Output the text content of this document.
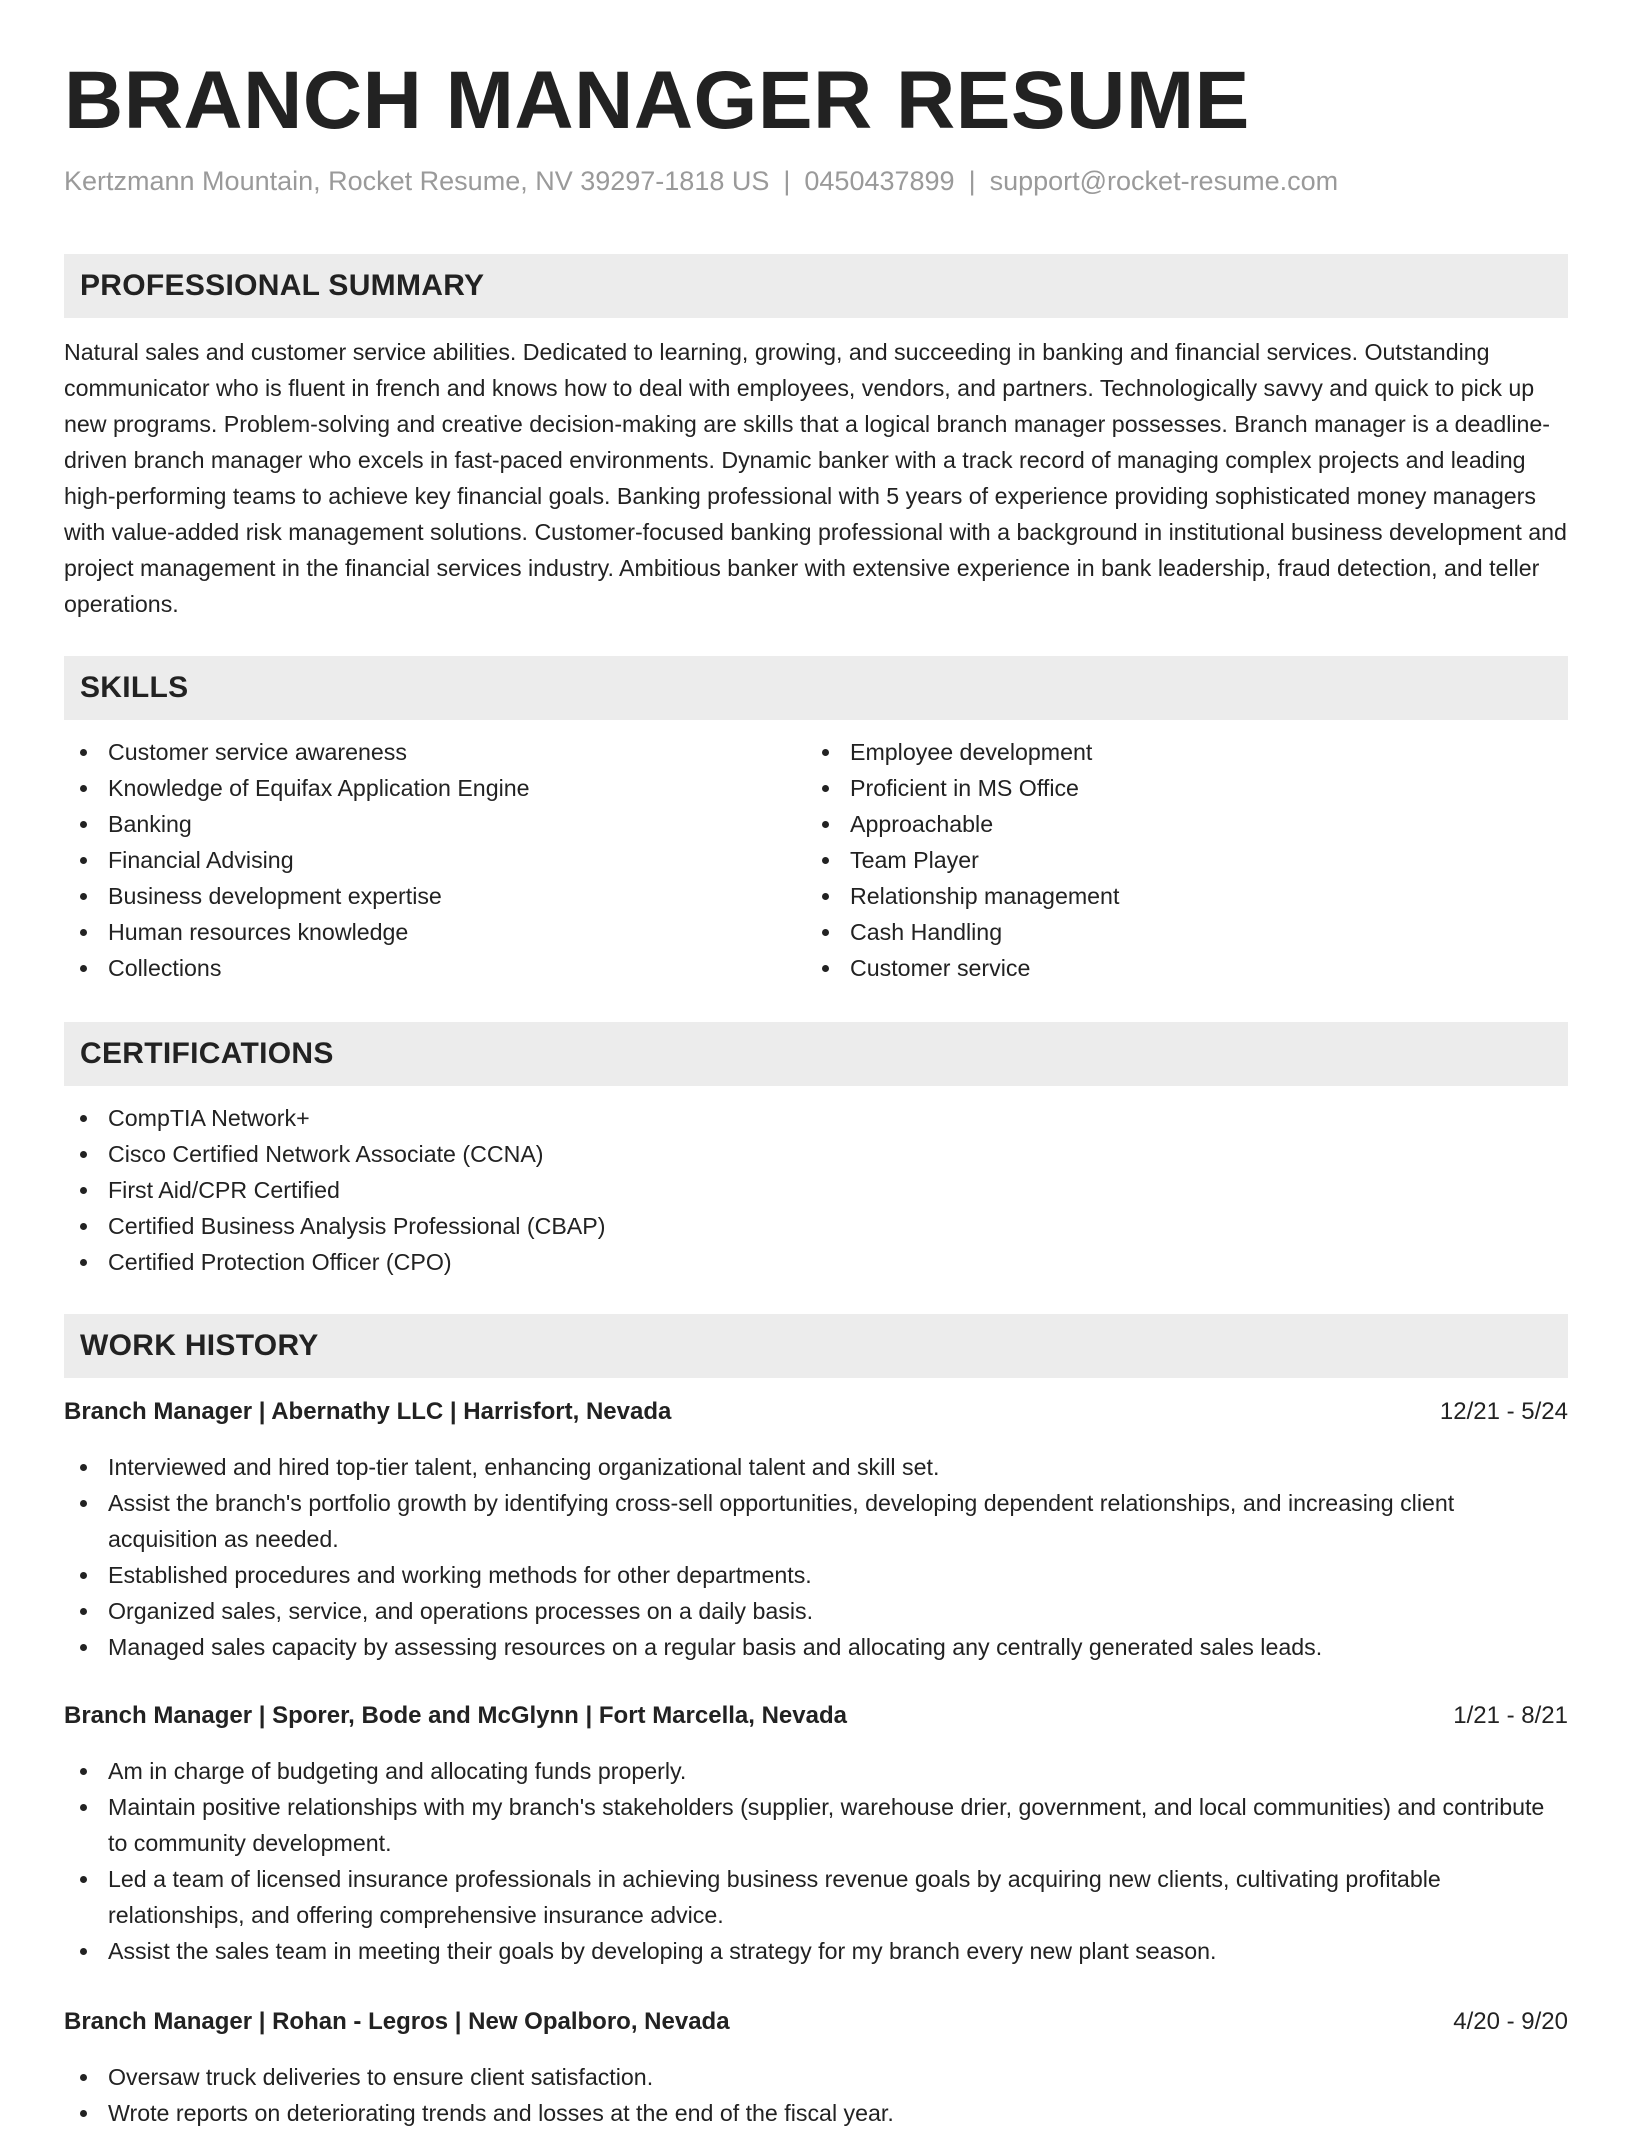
BRANCH MANAGER RESUME
Kertzmann Mountain, Rocket Resume, NV 39297-1818 US | 0450437899 | support@rocket-resume.com
PROFESSIONAL SUMMARY

Natural sales and customer service abilities. Dedicated to learning, growing, and succeeding in banking and financial services. Outstanding communicator who is fluent in french and knows how to deal with employees, vendors, and partners. Technologically savvy and quick to pick up new programs. Problem-solving and creative decision-making are skills that a logical branch manager possesses. Branch manager is a deadline-driven branch manager who excels in fast-paced environments. Dynamic banker with a track record of managing complex projects and leading high-performing teams to achieve key financial goals. Banking professional with 5 years of experience providing sophisticated money managers with value-added risk management solutions. Customer-focused banking professional with a background in institutional business development and project management in the financial services industry. Ambitious banker with extensive experience in bank leadership, fraud detection, and teller operations.

SKILLS
Customer service awareness
Knowledge of Equifax Application Engine
Banking
Financial Advising
Business development expertise
Human resources knowledge
Collections
Employee development
Proficient in MS Office
Approachable
Team Player
Relationship management
Cash Handling
Customer service
CERTIFICATIONS
CompTIA Network+
Cisco Certified Network Associate (CCNA)
First Aid/CPR Certified
Certified Business Analysis Professional (CBAP)
Certified Protection Officer (CPO)
WORK HISTORY
Branch Manager | Abernathy LLC | Harrisfort, Nevada	12/21 - 5/24
Interviewed and hired top-tier talent, enhancing organizational talent and skill set.
Assist the branch's portfolio growth by identifying cross-sell opportunities, developing dependent relationships, and increasing client acquisition as needed.
Established procedures and working methods for other departments.
Organized sales, service, and operations processes on a daily basis.
Managed sales capacity by assessing resources on a regular basis and allocating any centrally generated sales leads.
Branch Manager | Sporer, Bode and McGlynn | Fort Marcella, Nevada	1/21 - 8/21
Am in charge of budgeting and allocating funds properly.
Maintain positive relationships with my branch's stakeholders (supplier, warehouse drier, government, and local communities) and contribute to community development.
Led a team of licensed insurance professionals in achieving business revenue goals by acquiring new clients, cultivating profitable relationships, and offering comprehensive insurance advice.
Assist the sales team in meeting their goals by developing a strategy for my branch every new plant season.
Branch Manager | Rohan - Legros | New Opalboro, Nevada	4/20 - 9/20
Oversaw truck deliveries to ensure client satisfaction.
Wrote reports on deteriorating trends and losses at the end of the fiscal year.
